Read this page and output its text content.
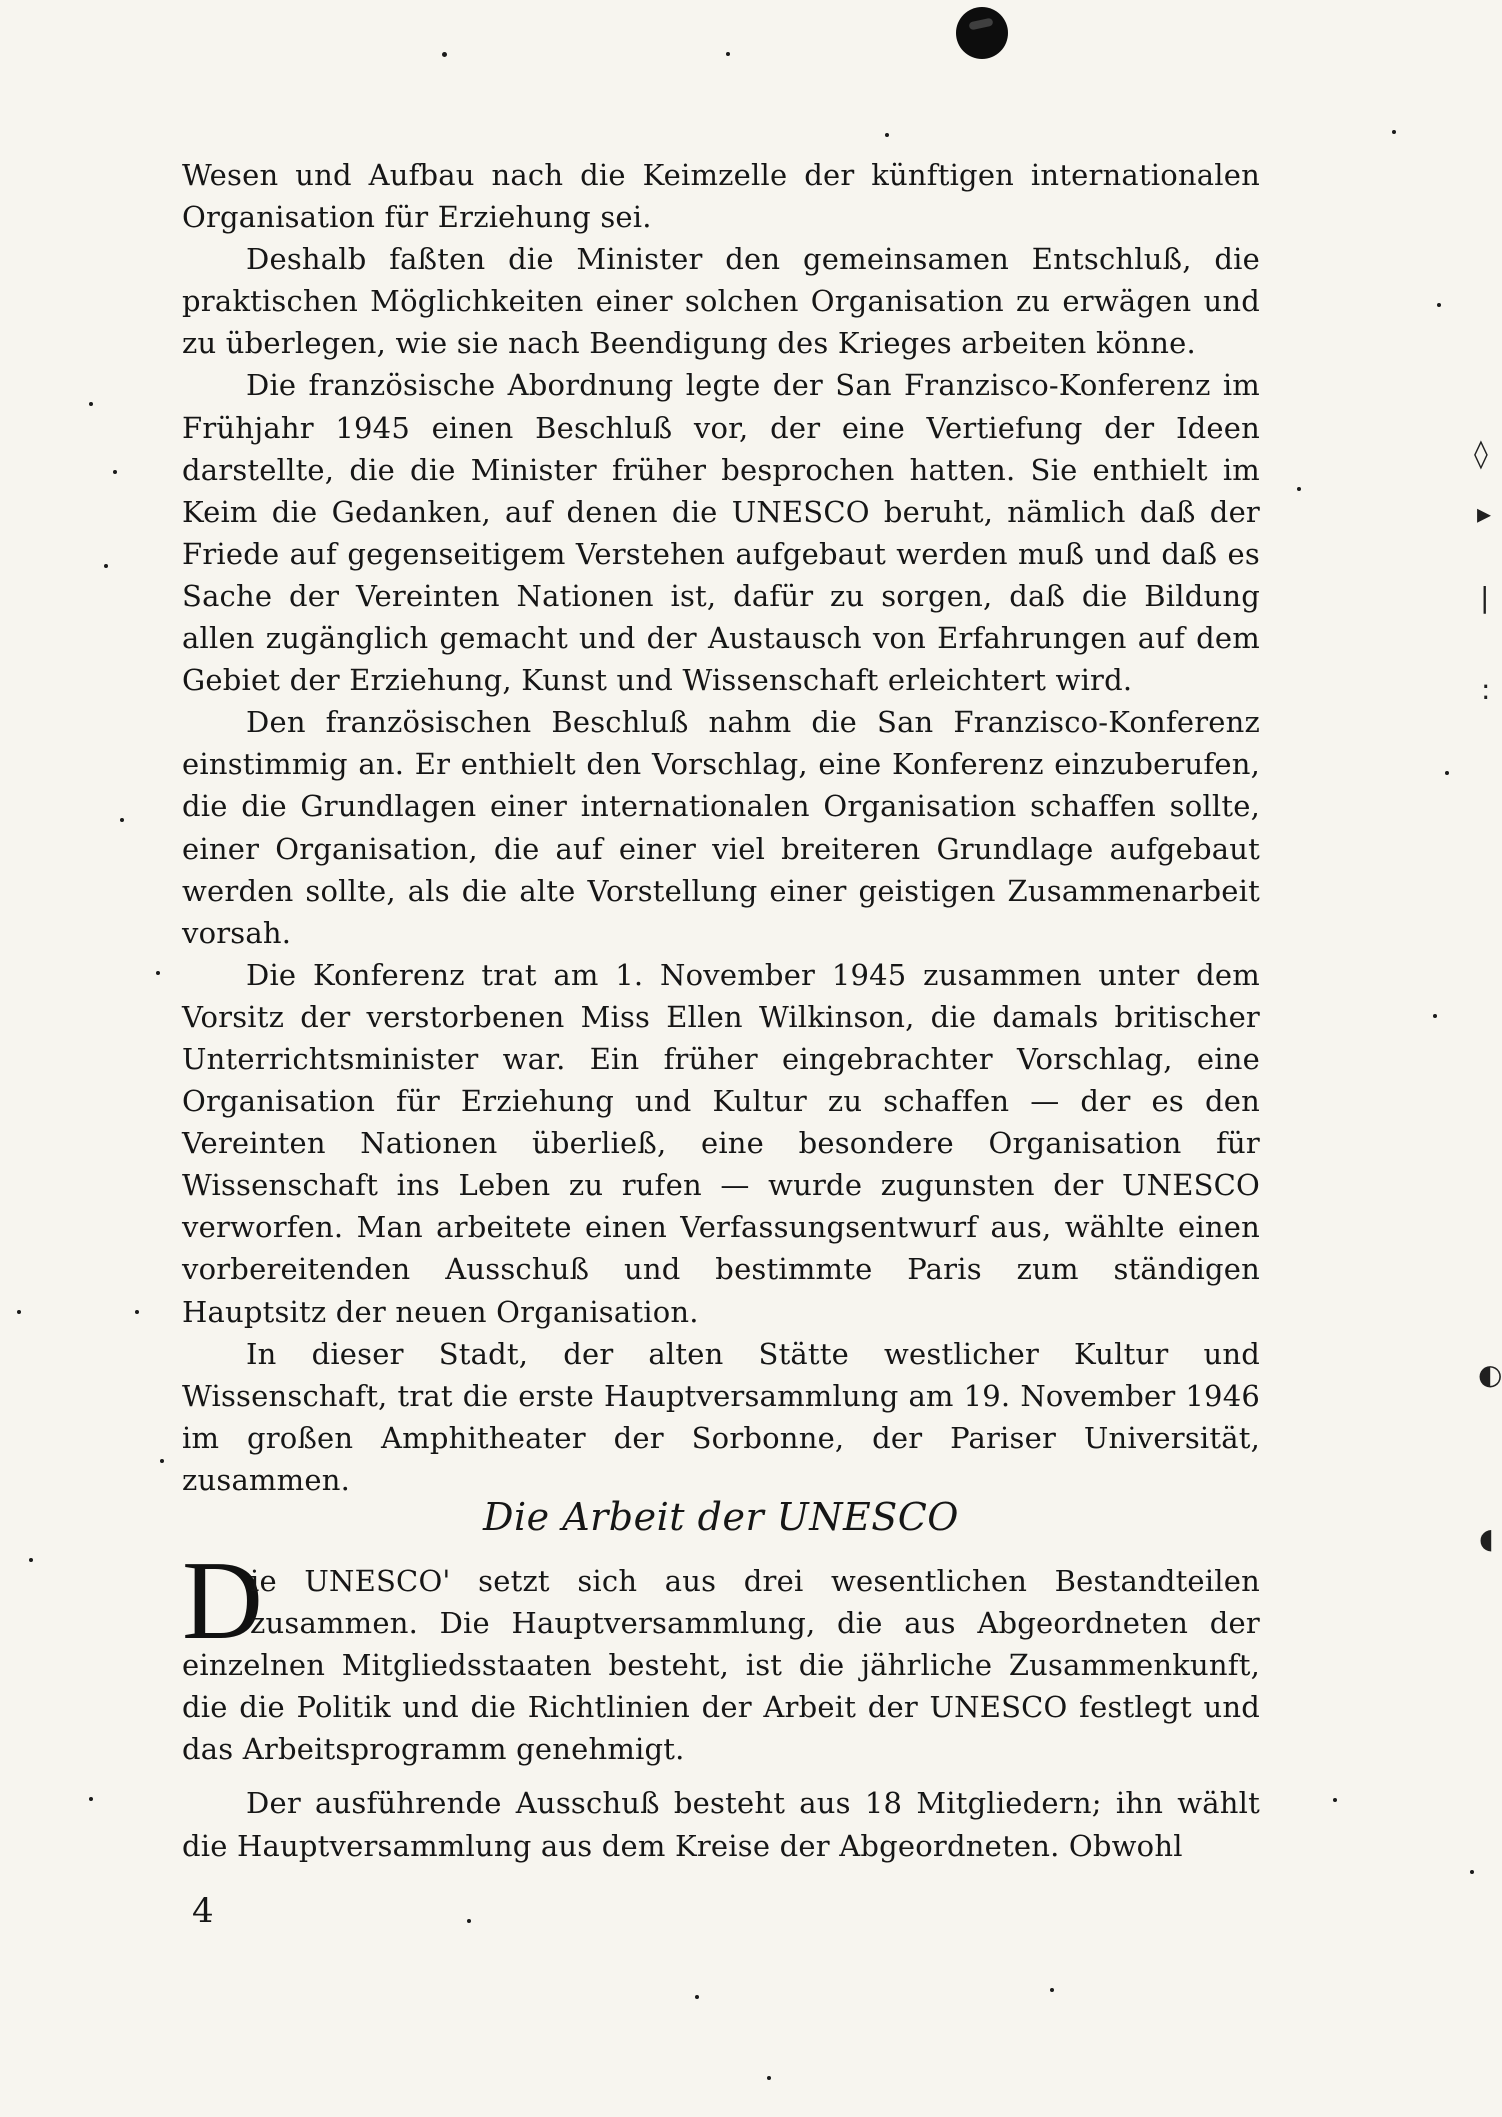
◊
▸
|
:
◐
◖

Wesen und Aufbau nach die Keimzelle der künftigen internationalen Organisation für Erziehung sei.

Deshalb faßten die Minister den gemeinsamen Entschluß, die praktischen Möglichkeiten einer solchen Organisation zu erwägen und zu überlegen, wie sie nach Beendigung des Krieges arbeiten könne.

Die französische Abordnung legte der San Franzisco-Konferenz im Frühjahr 1945 einen Beschluß vor, der eine Vertiefung der Ideen darstellte, die die Minister früher besprochen hatten. Sie enthielt im Keim die Gedanken, auf denen die UNESCO beruht, nämlich daß der Friede auf gegenseitigem Verstehen aufgebaut werden muß und daß es Sache der Vereinten Nationen ist, dafür zu sorgen, daß die Bildung allen zugänglich gemacht und der Austausch von Erfahrungen auf dem Gebiet der Erziehung, Kunst und Wissenschaft erleichtert wird.

Den französischen Beschluß nahm die San Franzisco-Konferenz einstimmig an. Er enthielt den Vorschlag, eine Konferenz einzuberufen, die die Grundlagen einer internationalen Organisation schaffen sollte, einer Organisation, die auf einer viel breiteren Grundlage aufgebaut werden sollte, als die alte Vorstellung einer geistigen Zusammenarbeit vorsah.

Die Konferenz trat am 1. November 1945 zusammen unter dem Vorsitz der verstorbenen Miss Ellen Wilkinson, die damals britischer Unterrichtsminister war. Ein früher eingebrachter Vorschlag, eine Organisation für Erziehung und Kultur zu schaffen — der es den Vereinten Nationen überließ, eine besondere Organisation für Wissenschaft ins Leben zu rufen — wurde zugunsten der UNESCO verworfen. Man arbeitete einen Verfassungsentwurf aus, wählte einen vorbereitenden Ausschuß und bestimmte Paris zum ständigen Hauptsitz der neuen Organisation.

In dieser Stadt, der alten Stätte westlicher Kultur und Wissenschaft, trat die erste Hauptversammlung am 19. November 1946 im großen Amphitheater der Sorbonne, der Pariser Universität, zusammen.

Die Arbeit der UNESCO
D

ie UNESCO' setzt sich aus drei wesentlichen Bestandteilen zusammen. Die Hauptversammlung, die aus Abgeordneten der einzelnen Mitgliedsstaaten besteht, ist die jährliche Zusammenkunft, die die Politik und die Richtlinien der Arbeit der UNESCO festlegt und das Arbeitsprogramm genehmigt.

Der ausführende Ausschuß besteht aus 18 Mitgliedern; ihn wählt die Hauptversammlung aus dem Kreise der Abgeordneten. Obwohl

4
